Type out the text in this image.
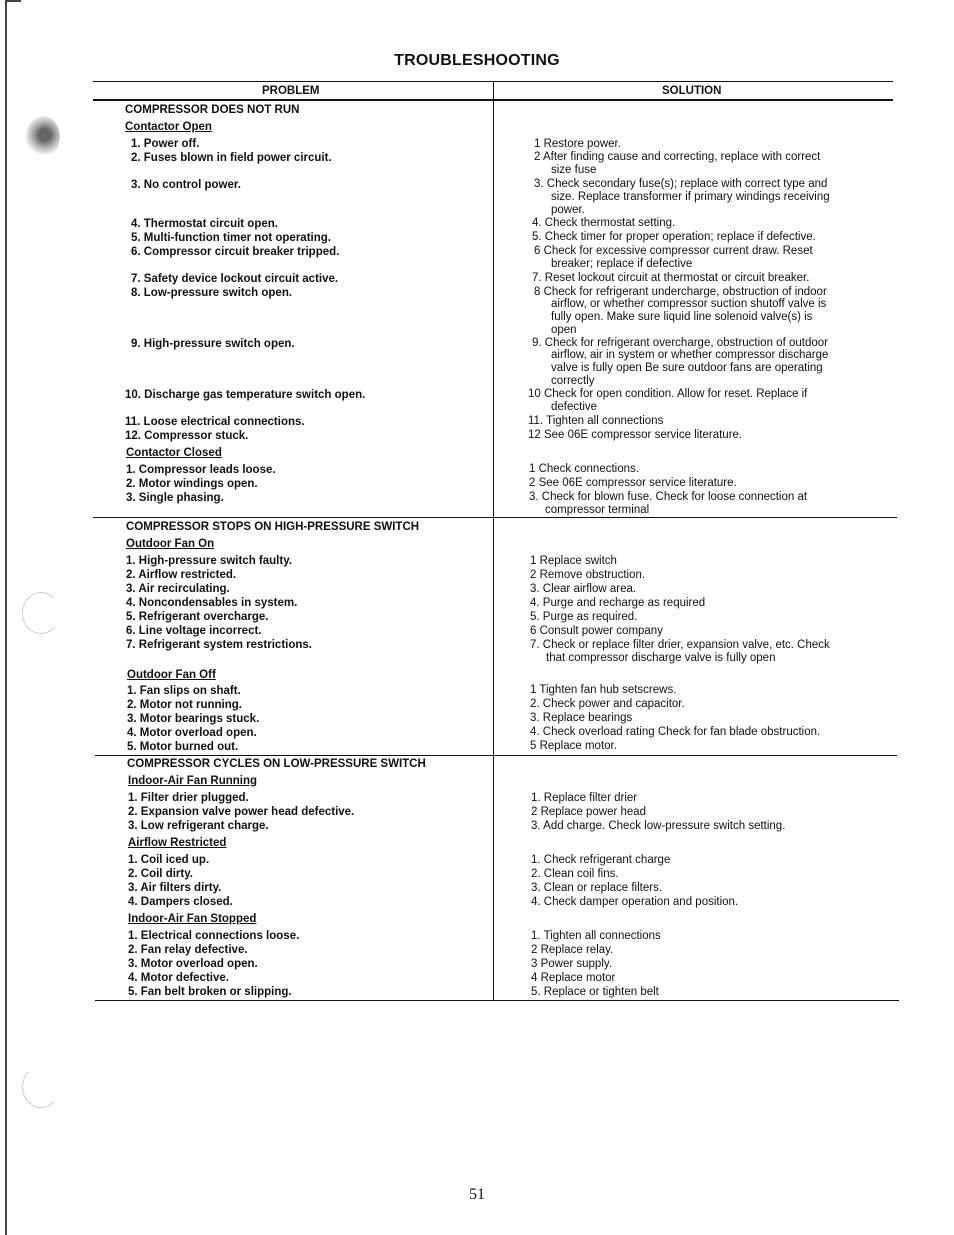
TROUBLESHOOTING
PROBLEM	SOLUTION
COMPRESSOR DOES NOT RUN
Contactor Open
1. Power off.
2. Fuses blown in field power circuit.
3. No control power.
4. Thermostat circuit open.
5. Multi-function timer not operating.
6. Compressor circuit breaker tripped.
7. Safety device lockout circuit active.
8. Low-pressure switch open.
9. High-pressure switch open.
10. Discharge gas temperature switch open.
11. Loose electrical connections.
12. Compressor stuck.
Contactor Closed
1. Compressor leads loose.
2. Motor windings open.
3. Single phasing.
COMPRESSOR STOPS ON HIGH-PRESSURE SWITCH
Outdoor Fan On
1. High-pressure switch faulty.
2. Airflow restricted.
3. Air recirculating.
4. Noncondensables in system.
5. Refrigerant overcharge.
6. Line voltage incorrect.
7. Refrigerant system restrictions.
Outdoor Fan Off
1. Fan slips on shaft.
2. Motor not running.
3. Motor bearings stuck.
4. Motor overload open.
5. Motor burned out.
COMPRESSOR CYCLES ON LOW-PRESSURE SWITCH
Indoor-Air Fan Running
1. Filter drier plugged.
2. Expansion valve power head defective.
3. Low refrigerant charge.
Airflow Restricted
1. Coil iced up.
2. Coil dirty.
3. Air filters dirty.
4. Dampers closed.
Indoor-Air Fan Stopped
1. Electrical connections loose.
2. Fan relay defective.
3. Motor overload open.
4. Motor defective.
5. Fan belt broken or slipping.
1 Restore power.
2 After finding cause and correcting, replace with correct
size fuse
3. Check secondary fuse(s); replace with correct type and
size. Replace transformer if primary windings receiving
power.
4. Check thermostat setting.
5. Check timer for proper operation; replace if defective.
6 Check for excessive compressor current draw. Reset
breaker; replace if defective
7. Reset lockout circuit at thermostat or circuit breaker.
8 Check for refrigerant undercharge, obstruction of indoor
airflow, or whether compressor suction shutoff valve is
fully open. Make sure liquid line solenoid valve(s) is
open
9. Check for refrigerant overcharge, obstruction of outdoor
airflow, air in system or whether compressor discharge
valve is fully open Be sure outdoor fans are operating
correctly
10 Check for open condition. Allow for reset. Replace if
defective
11. Tighten all connections
12 See 06E compressor service literature.
1 Check connections.
2 See 06E compressor service literature.
3. Check for blown fuse. Check for loose connection at
compressor terminal
1 Replace switch
2 Remove obstruction.
3. Clear airflow area.
4. Purge and recharge as required
5. Purge as required.
6 Consult power company
7. Check or replace filter drier, expansion valve, etc. Check
that compressor discharge valve is fully open
1 Tighten fan hub setscrews.
2. Check power and capacitor.
3. Replace bearings
4. Check overload rating Check for fan blade obstruction.
5 Replace motor.
1. Replace filter drier
2 Replace power head
3. Add charge. Check low-pressure switch setting.
1. Check refrigerant charge
2. Clean coil fins.
3. Clean or replace filters.
4. Check damper operation and position.
1. Tighten all connections
2 Replace relay.
3 Power supply.
4 Replace motor
5. Replace or tighten belt
51
